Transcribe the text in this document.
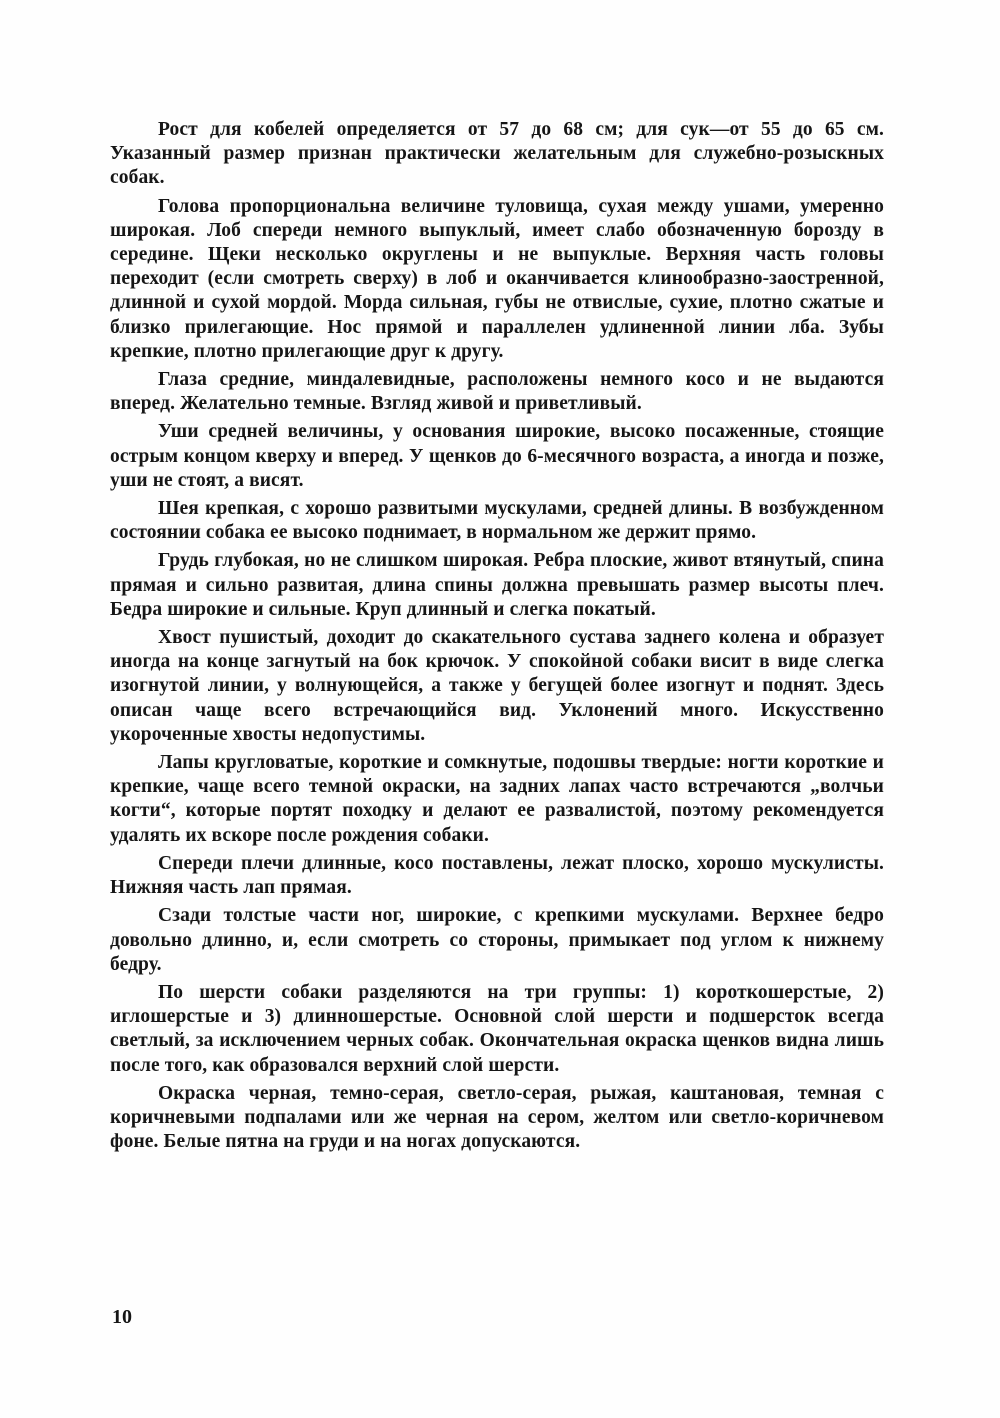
Рост для кобелей определяется от 57 до 68 см; для сук—от 55 до 65 см. Указанный размер признан практически желательным для служебно-розыскных собак.

Голова пропорциональна величине туловища, сухая между ушами, умеренно широкая. Лоб спереди немного выпуклый, имеет слабо обозначенную борозду в середине. Щеки несколько округлены и не выпуклые. Верхняя часть головы переходит (если смотреть сверху) в лоб и оканчивается клинообразно-заостренной, длинной и сухой мордой. Морда сильная, губы не отвислые, сухие, плотно сжатые и близко прилегающие. Нос прямой и параллелен удлиненной линии лба. Зубы крепкие, плотно прилегающие друг к другу.

Глаза средние, миндалевидные, расположены немного косо и не выдаются вперед. Желательно темные. Взгляд живой и приветливый.

Уши средней величины, у основания широкие, высоко посаженные, стоящие острым концом кверху и вперед. У щенков до 6-месячного возраста, а иногда и позже, уши не стоят, а висят.

Шея крепкая, с хорошо развитыми мускулами, средней длины. В возбужденном состоянии собака ее высоко поднимает, в нормальном же держит прямо.

Грудь глубокая, но не слишком широкая. Ребра плоские, живот втянутый, спина прямая и сильно развитая, длина спины должна превышать размер высоты плеч. Бедра широкие и сильные. Круп длинный и слегка покатый.

Хвост пушистый, доходит до скакательного сустава заднего колена и образует иногда на конце загнутый на бок крючок. У спокойной собаки висит в виде слегка изогнутой линии, у волнующейся, а также у бегущей более изогнут и поднят. Здесь описан чаще всего встречающийся вид. Уклонений много. Искусственно укороченные хвосты недопустимы.

Лапы кругловатые, короткие и сомкнутые, подошвы твердые: ногти короткие и крепкие, чаще всего темной окраски, на задних лапах часто встречаются „волчьи когти“, которые портят походку и делают ее развалистой, поэтому рекомендуется удалять их вскоре после рождения собаки.

Спереди плечи длинные, косо поставлены, лежат плоско, хорошо мускулисты. Нижняя часть лап прямая.

Сзади толстые части ног, широкие, с крепкими мускулами. Верхнее бедро довольно длинно, и, если смотреть со стороны, примыкает под углом к нижнему бедру.

По шерсти собаки разделяются на три группы: 1) короткошерстые, 2) иглошерстые и 3) длинношерстые. Основной слой шерсти и подшерсток всегда светлый, за исключением черных собак. Окончательная окраска щенков видна лишь после того, как образовался верхний слой шерсти.

Окраска черная, темно-серая, светло-серая, рыжая, каштановая, темная с коричневыми подпалами или же черная на сером, желтом или светло-коричневом фоне. Белые пятна на груди и на ногах допускаются.

10
